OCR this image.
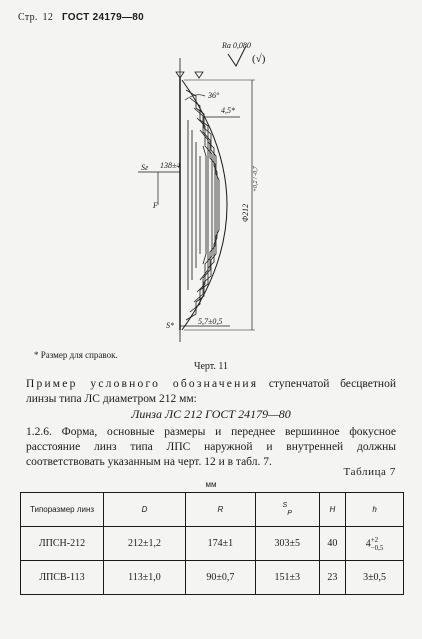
Стр. 12 ГОСТ 24179—80
Ra 0,080
(√)
36°
4,5*
Sғ 138±4
F	Φ212
+0,2 / -0,7
5,7±0,5
S*
* Размер для справок.
Черт. 11
Пример условного обозначения ступенчатой бесцветной линзы типа ЛС диаметром 212 мм:
Линза ЛС 212 ГОСТ 24179—80
1.2.6. Форма, основные размеры и переднее вершинное фокусное расстояние линз типа ЛПС наружной и внутренней должны соответствовать указанным на черт. 12 и в табл. 7.
Таблица 7
мм
Типоразмер линз	D	R	SP	H	h
ЛПСН-212	212±1,2	174±1	303±5	40	4+2
−0,5
ЛПСВ-113	113±1,0	90±0,7	151±3	23	3±0,5
